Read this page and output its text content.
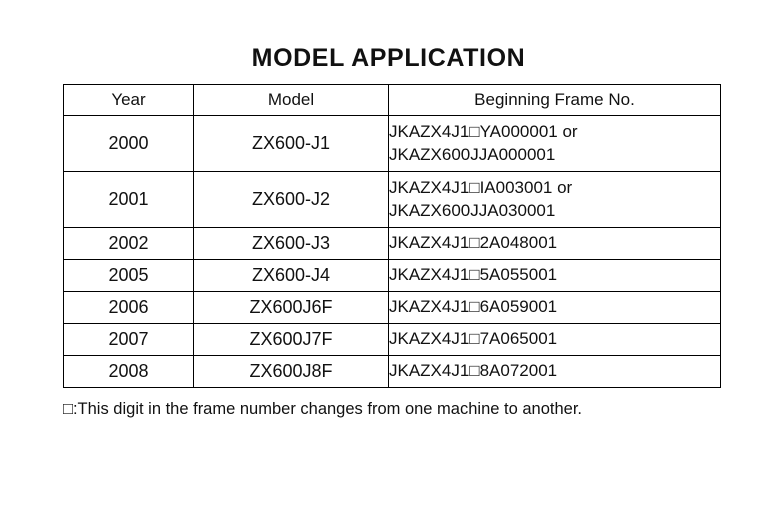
MODEL APPLICATION
Year	Model	Beginning Frame No.
2000	ZX600-J1	JKAZX4J1□YA000001 or
JKAZX600JJA000001

2001	ZX600-J2	JKAZX4J1□IA003001 or
JKAZX600JJA030001

2002	ZX600-J3	JKAZX4J1□2A048001

2005	ZX600-J4	JKAZX4J1□5A055001

2006	ZX600J6F	JKAZX4J1□6A059001

2007	ZX600J7F	JKAZX4J1□7A065001

2008	ZX600J8F	JKAZX4J1□8A072001
□:This digit in the frame number changes from one machine to another.
